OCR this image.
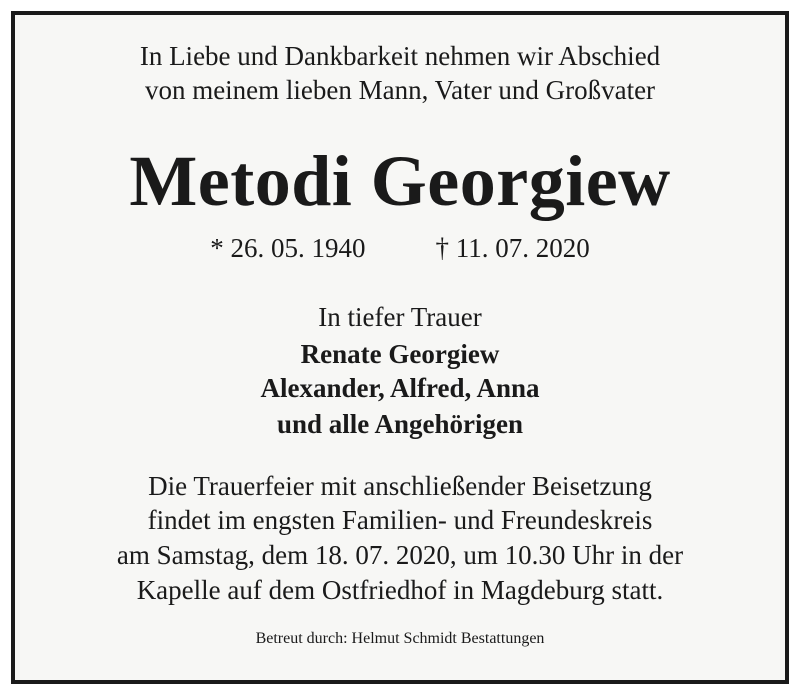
In Liebe und Dankbarkeit nehmen wir Abschied
von meinem lieben Mann, Vater und Großvater
Metodi Georgiew
* 26. 05. 1940	† 11. 07. 2020
In tiefer Trauer
Renate Georgiew
Alexander, Alfred, Anna
und alle Angehörigen
Die Trauerfeier mit anschließender Beisetzung
findet im engsten Familien- und Freundeskreis
am Samstag, dem 18. 07. 2020, um 10.30 Uhr in der
Kapelle auf dem Ostfriedhof in Magdeburg statt.
Betreut durch: Helmut Schmidt Bestattungen
